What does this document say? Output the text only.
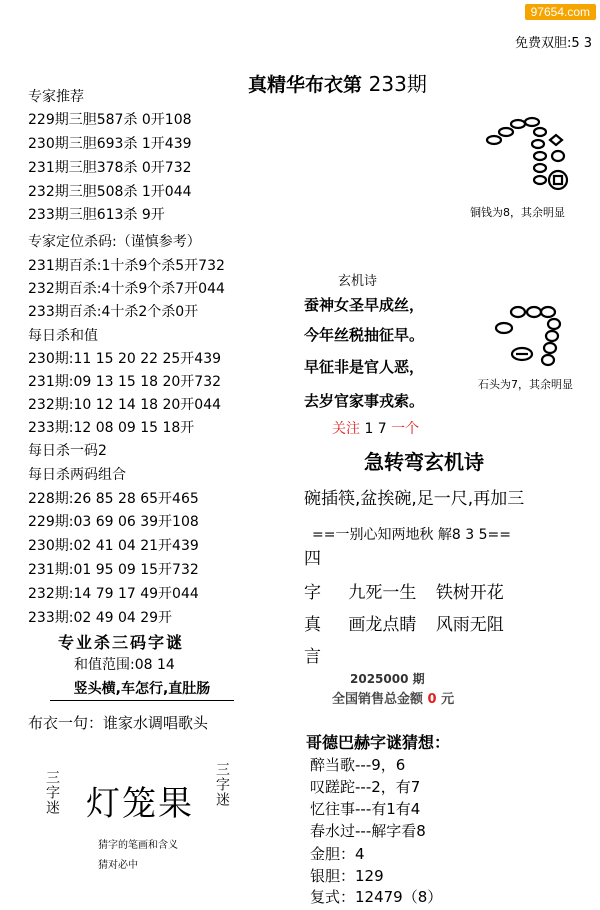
97654.com
免费双胆:5 3
真精华布衣第 233期
专家推荐
229期三胆587杀 0开108
230期三胆693杀 1开439
231期三胆378杀 0开732
232期三胆508杀 1开044
233期三胆613杀 9开
专家定位杀码:（谨慎参考）
231期百杀:1十杀9个杀5开732
232期百杀:4十杀9个杀7开044
233期百杀:4十杀2个杀0开
每日杀和值
230期:11 15 20 22 25开439
231期:09 13 15 18 20开732
232期:10 12 14 18 20开044
233期:12 08 09 15 18开
每日杀一码2
每日杀两码组合
228期:26 85 28 65开465
229期:03 69 06 39开108
230期:02 41 04 21开439
231期:01 95 09 15开732
232期:14 79 17 49开044
233期:02 49 04 29开
专业杀三码字谜
和值范围:08 14
竖头横,车怎行,直肚肠
布衣一句：谁家水调唱歌头
三字迷 灯笼果 三字迷
猜字的笔画和含义
猜对必中
铜钱为8，其余明显
石头为7，其余明显
玄机诗
蚕神女圣早成丝，
今年丝税抽征早。
早征非是官人恶，
去岁官家事戎索。
关注 1 7 一个
急转弯玄机诗
碗插筷,盆挨碗,足一尺,再加三
==一别心知两地秋 解8 3 5==
四
字 九死一生 铁树开花
真 画龙点睛 风雨无阻
言
2025000 期
全国销售总金额 0 元
哥德巴赫字谜猜想：
醉当歌---9，6
叹蹉跎---2，有7
忆往事---有1有4
春水过---解字看8
金胆：4
银胆：129
复式：12479（8）
